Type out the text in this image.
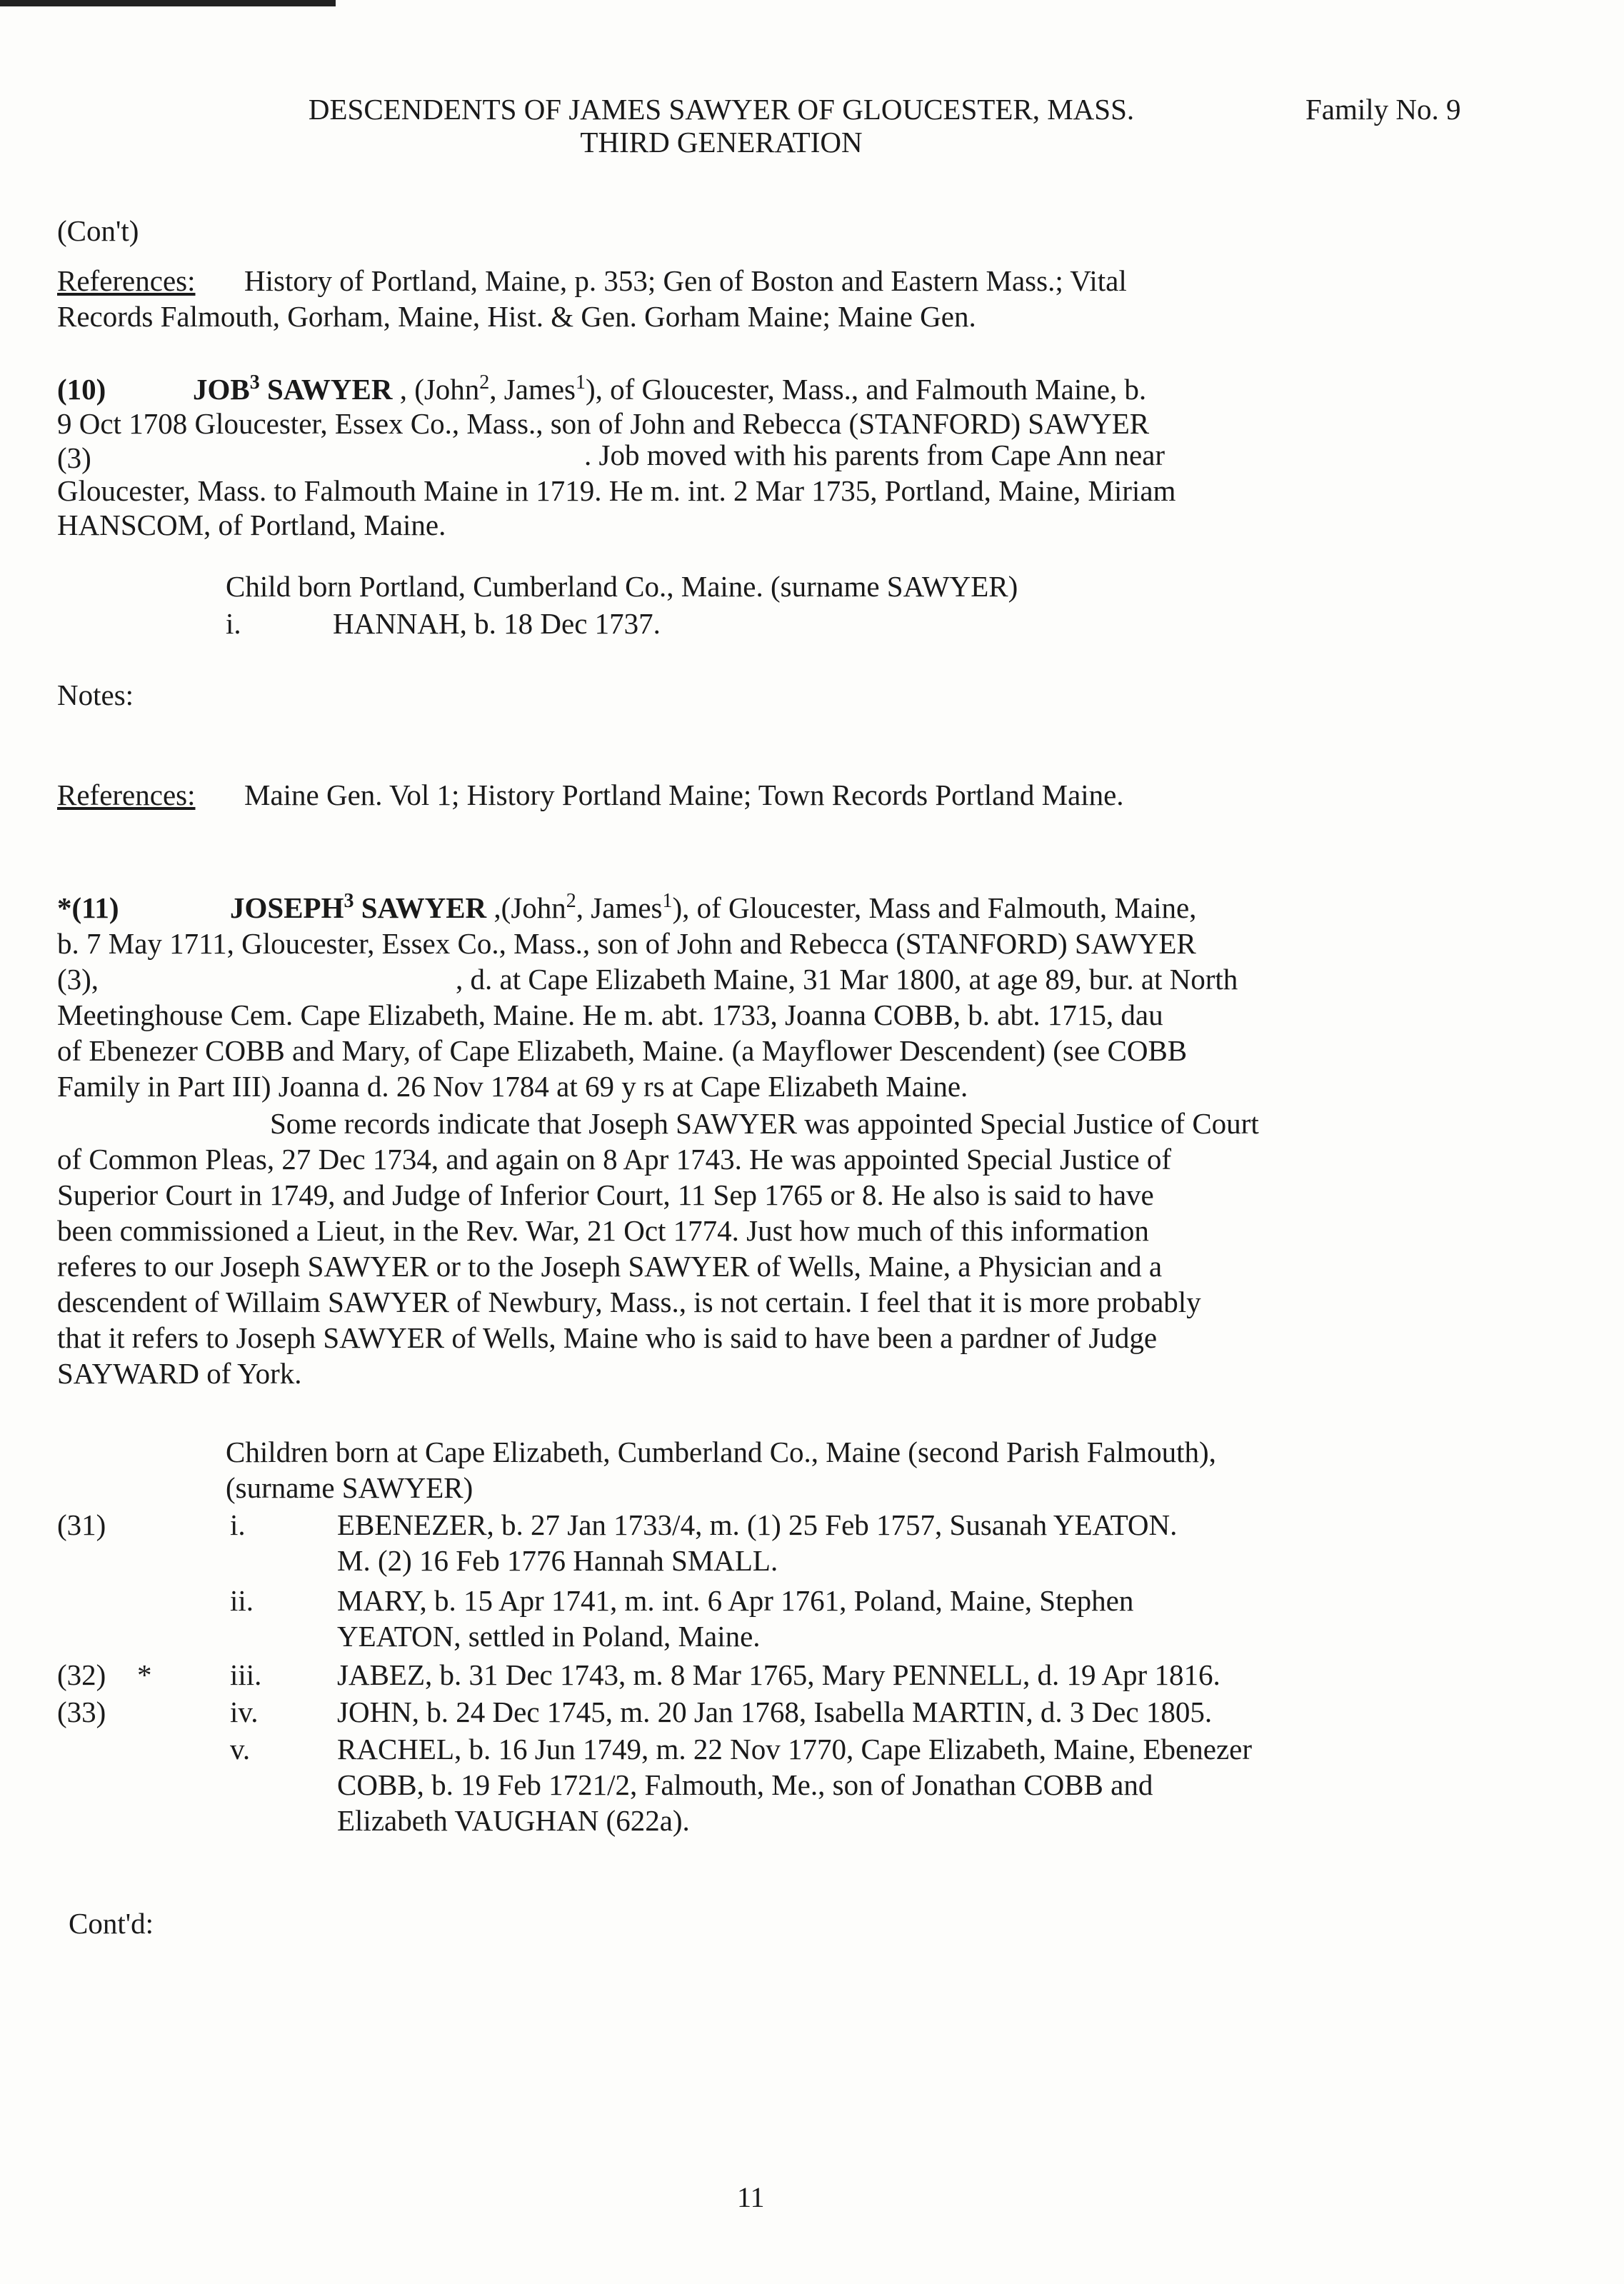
DESCENDENTS OF JAMES SAWYER OF GLOUCESTER, MASS.
THIRD GENERATION
Family No. 9
(Con't)
References: History of Portland, Maine, p. 353; Gen of Boston and Eastern Mass.; Vital
Records Falmouth, Gorham, Maine, Hist. & Gen. Gorham Maine; Maine Gen.
(10)	JOB$^3$ SAWYER , (John$^2$, James$^1$), of Gloucester, Mass., and Falmouth Maine, b.
9 Oct 1708 Gloucester, Essex Co., Mass., son of John and Rebecca (STANFORD) SAWYER
(3)	. Job moved with his parents from Cape Ann near
Gloucester, Mass. to Falmouth Maine in 1719. He m. int. 2 Mar 1735, Portland, Maine, Miriam
HANSCOM, of Portland, Maine.
Child born Portland, Cumberland Co., Maine. (surname SAWYER)
i.	HANNAH, b. 18 Dec 1737.
Notes:
References: Maine Gen. Vol 1; History Portland Maine; Town Records Portland Maine.
*(11)	JOSEPH$^3$ SAWYER ,(John$^2$, James$^1$), of Gloucester, Mass and Falmouth, Maine,
b. 7 May 1711, Gloucester, Essex Co., Mass., son of John and Rebecca (STANFORD) SAWYER
(3),	, d. at Cape Elizabeth Maine, 31 Mar 1800, at age 89, bur. at North
Meetinghouse Cem. Cape Elizabeth, Maine. He m. abt. 1733, Joanna COBB, b. abt. 1715, dau
of Ebenezer COBB and Mary, of Cape Elizabeth, Maine. (a Mayflower Descendent) (see COBB
Family in Part III) Joanna d. 26 Nov 1784 at 69 y rs at Cape Elizabeth Maine.
Some records indicate that Joseph SAWYER was appointed Special Justice of Court
of Common Pleas, 27 Dec 1734, and again on 8 Apr 1743. He was appointed Special Justice of
Superior Court in 1749, and Judge of Inferior Court, 11 Sep 1765 or 8. He also is said to have
been commissioned a Lieut, in the Rev. War, 21 Oct 1774. Just how much of this information
referes to our Joseph SAWYER or to the Joseph SAWYER of Wells, Maine, a Physician and a
descendent of Willaim SAWYER of Newbury, Mass., is not certain. I feel that it is more probably
that it refers to Joseph SAWYER of Wells, Maine who is said to have been a pardner of Judge
SAYWARD of York.
Children born at Cape Elizabeth, Cumberland Co., Maine (second Parish Falmouth),
(surname SAWYER)
(31)	i.	EBENEZER, b. 27 Jan 1733/4, m. (1) 25 Feb 1757, Susanah YEATON.
M. (2) 16 Feb 1776 Hannah SMALL.
ii.	MARY, b. 15 Apr 1741, m. int. 6 Apr 1761, Poland, Maine, Stephen
YEATON, settled in Poland, Maine.
(32) *	iii.	JABEZ, b. 31 Dec 1743, m. 8 Mar 1765, Mary PENNELL, d. 19 Apr 1816.
(33)	iv.	JOHN, b. 24 Dec 1745, m. 20 Jan 1768, Isabella MARTIN, d. 3 Dec 1805.
v.	RACHEL, b. 16 Jun 1749, m. 22 Nov 1770, Cape Elizabeth, Maine, Ebenezer
COBB, b. 19 Feb 1721/2, Falmouth, Me., son of Jonathan COBB and
Elizabeth VAUGHAN (622a).
Cont'd:
11
